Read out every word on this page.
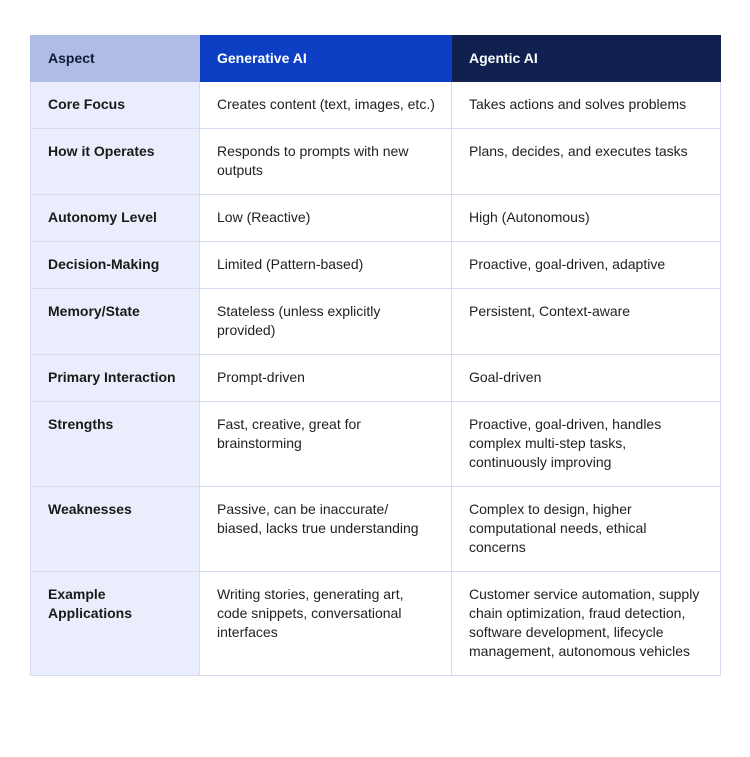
Aspect	Generative AI	Agentic AI
Core Focus	Creates content (text, images, etc.)	Takes actions and solves problems
How it Operates	Responds to prompts with new outputs	Plans, decides, and executes tasks
Autonomy Level	Low (Reactive)	High (Autonomous)
Decision-Making	Limited (Pattern-based)	Proactive, goal-driven, adaptive
Memory/State	Stateless (unless explicitly provided)	Persistent, Context-aware
Primary Interaction	Prompt-driven	Goal-driven
Strengths	Fast, creative, great for brainstorming	Proactive, goal-driven, handles complex multi-step tasks, continuously improving
Weaknesses	Passive, can be inaccurate/ biased, lacks true understanding	Complex to design, higher computational needs, ethical concerns
Example Applications	Writing stories, generating art, code snippets, conversational interfaces	Customer service automation, supply chain optimization, fraud detection, software development, lifecycle management, autonomous vehicles
